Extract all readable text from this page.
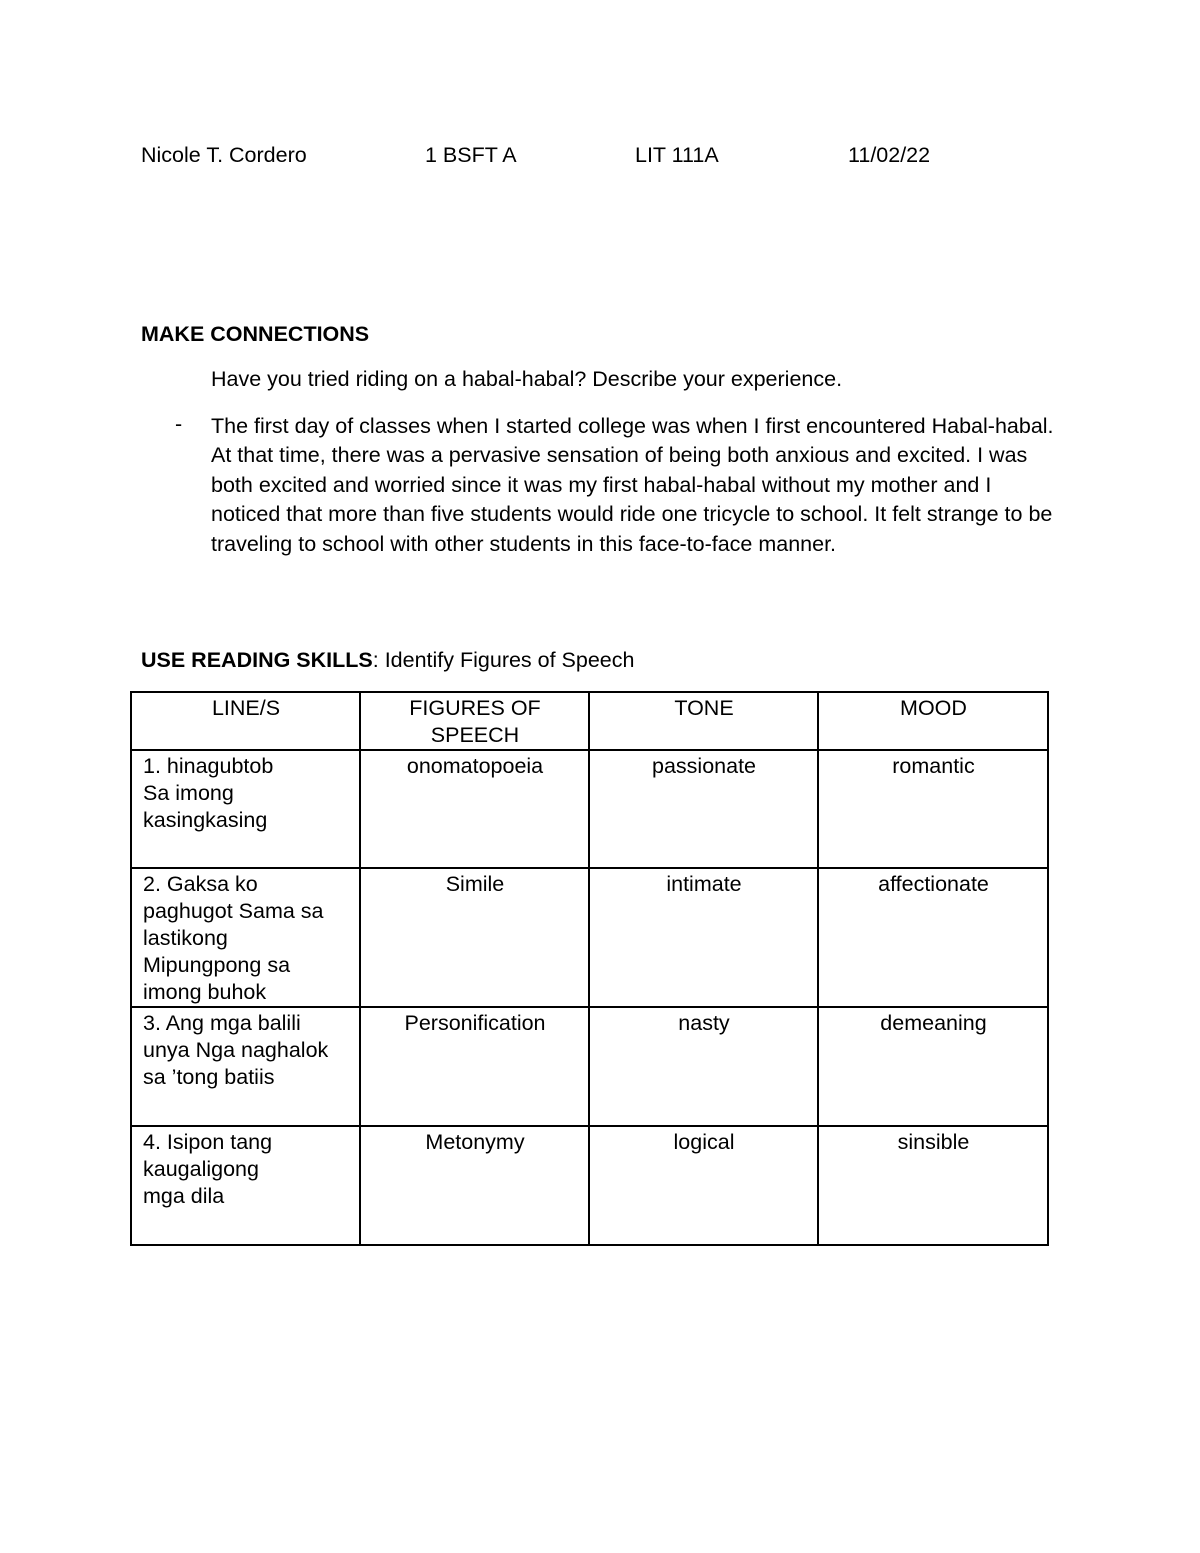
Nicole T. Cordero	1 BSFT A	LIT 111A	11/02/22
MAKE CONNECTIONS
Have you tried riding on a habal-habal? Describe your experience.
- The first day of classes when I started college was when I first encountered Habal-habal. At that time, there was a pervasive sensation of being both anxious and excited. I was both excited and worried since it was my first habal-habal without my mother and I noticed that more than five students would ride one tricycle to school. It felt strange to be traveling to school with other students in this face-to-face manner.
USE READING SKILLS: Identify Figures of Speech
LINE/S	FIGURES OF SPEECH	TONE	MOOD
1. hinagubtob
Sa imong
kasingkasing	onomatopoeia	passionate	romantic
2. Gaksa ko
paghugot Sama sa
lastikong
Mipungpong sa
imong buhok	Simile	intimate	affectionate
3. Ang mga balili
unya Nga naghalok
sa ’tong batiis	Personification	nasty	demeaning
4. Isipon tang
kaugaligong
mga dila	Metonymy	logical	sinsible
